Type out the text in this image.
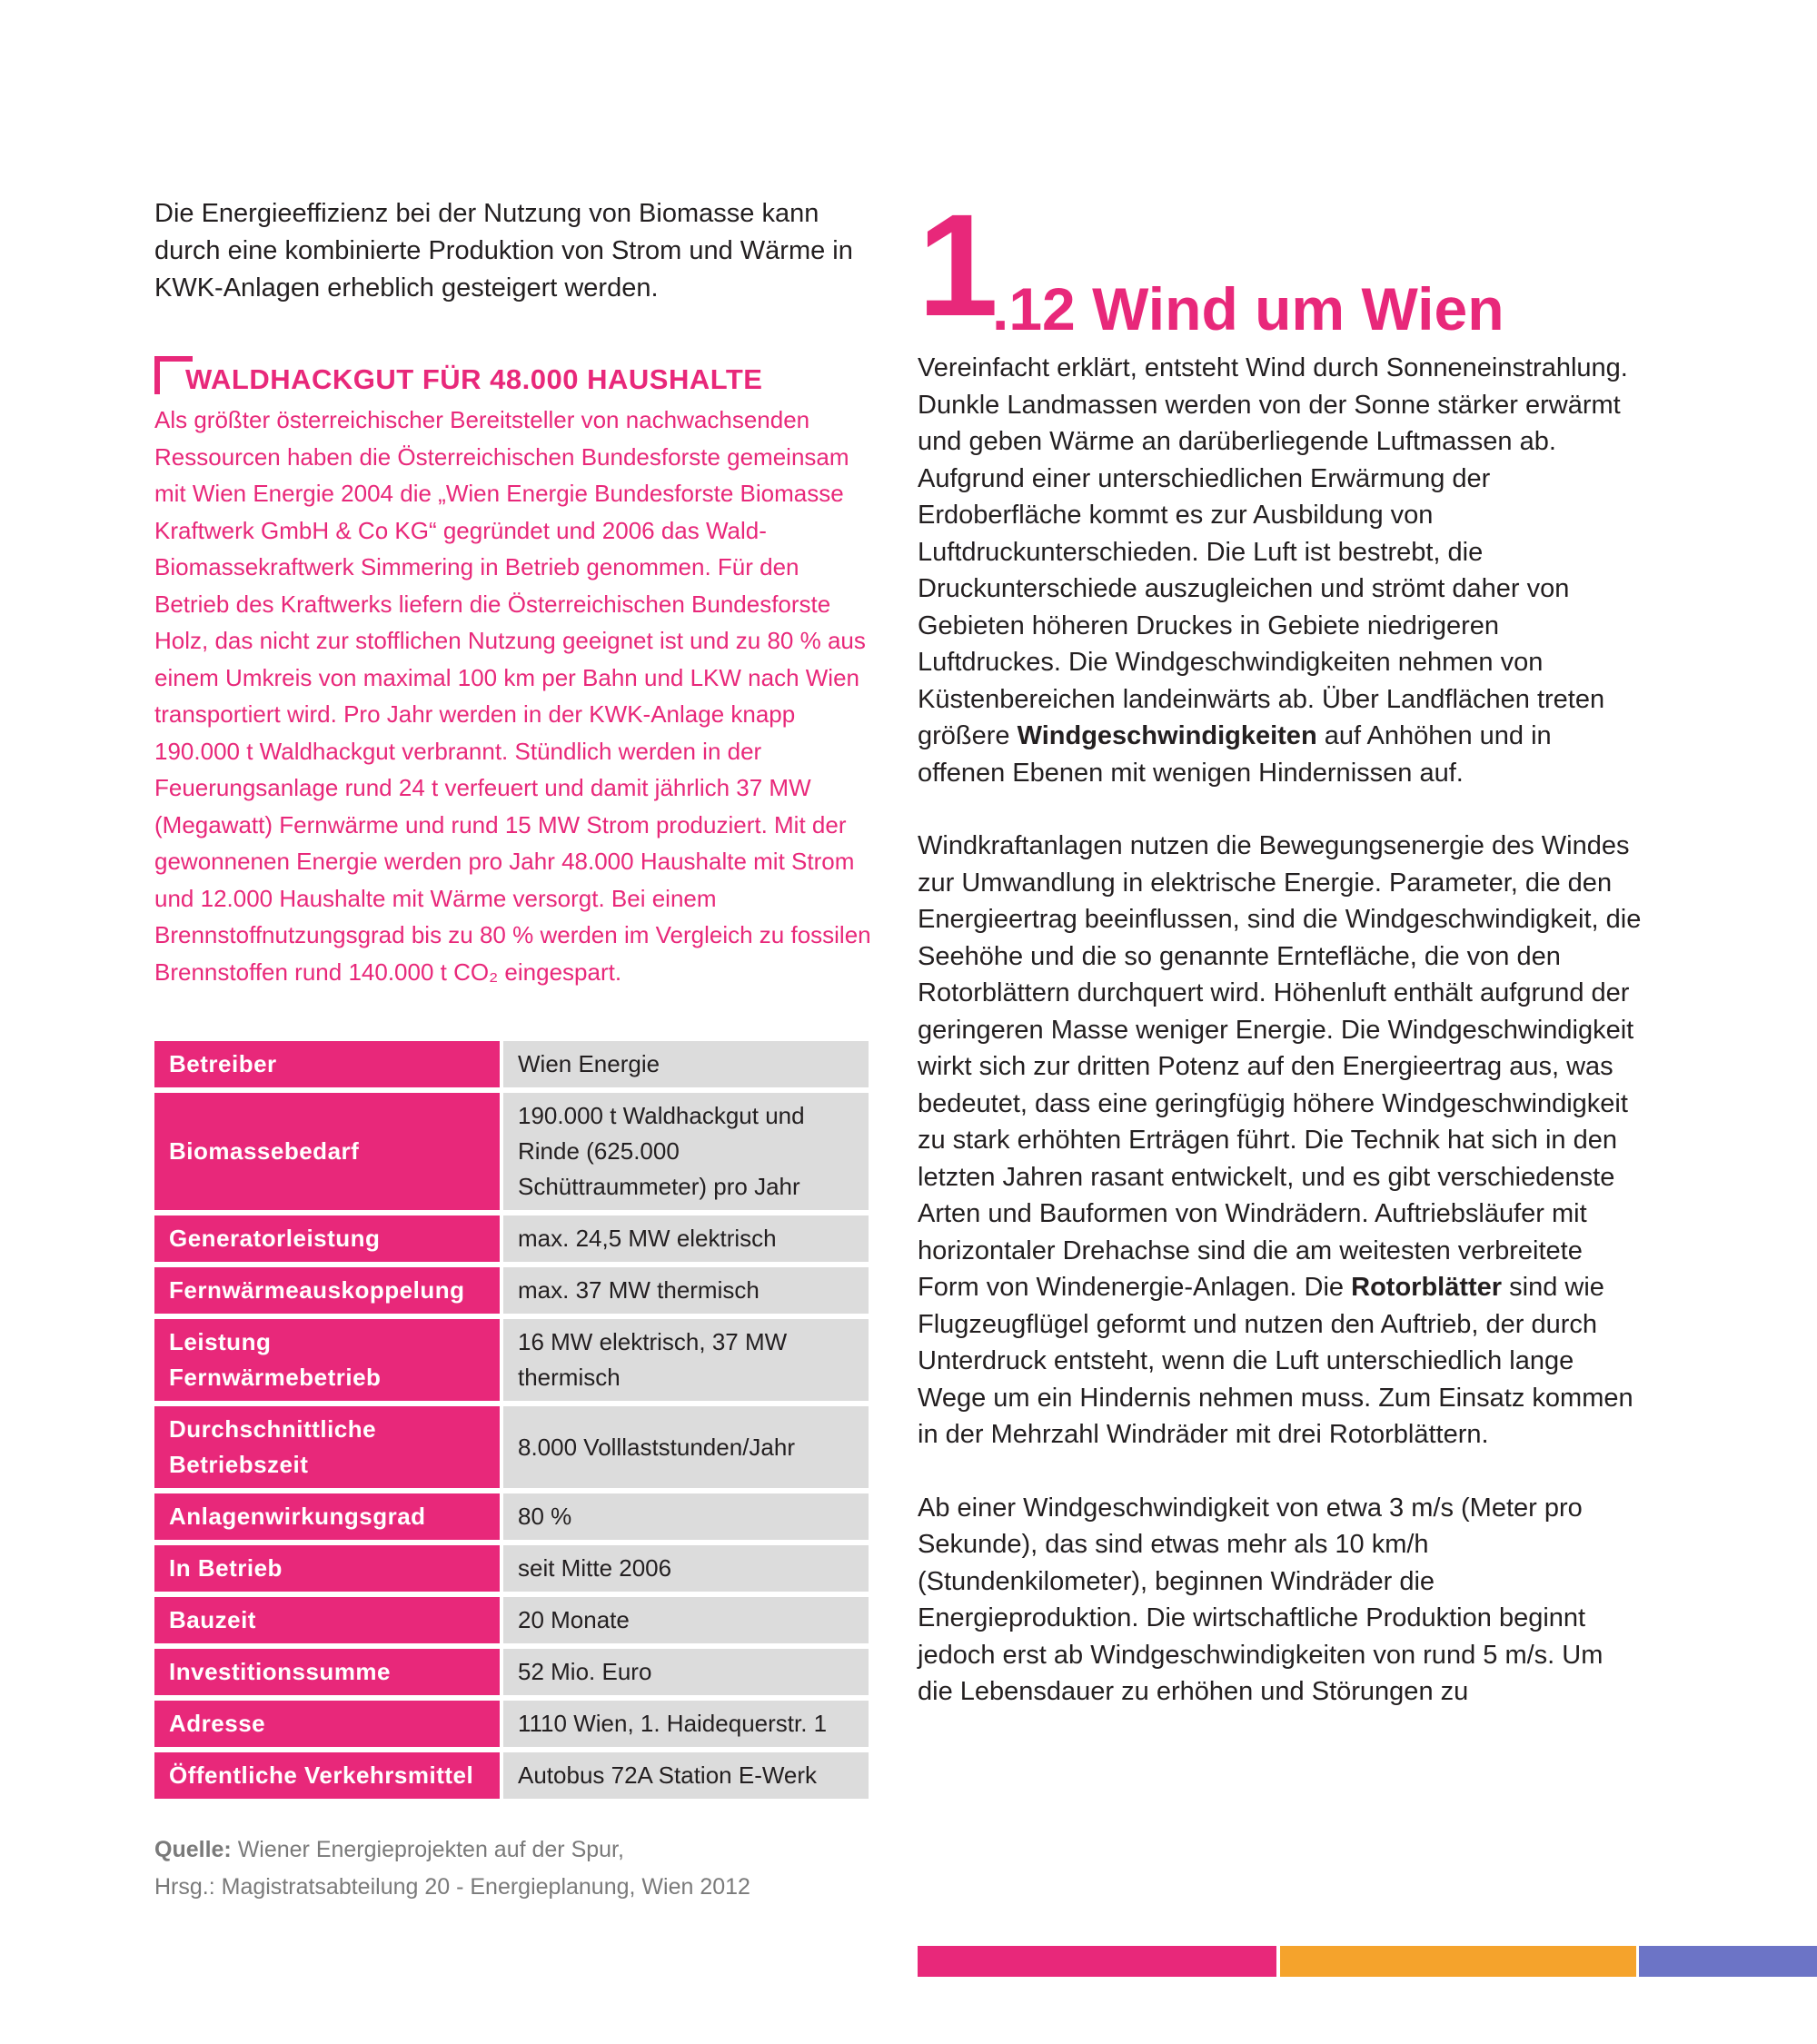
Die Energieeffizienz bei der Nutzung von Biomasse kann durch eine kombinierte Produktion von Strom und Wärme in KWK-Anlagen erheblich gesteigert werden.

WALDHACKGUT FÜR 48.000 HAUSHALTE

Als größter österreichischer Bereitsteller von nachwachsenden Ressourcen haben die Österreichischen Bundesforste gemeinsam mit Wien Energie 2004 die „Wien Energie Bundesforste Biomasse Kraftwerk GmbH & Co KG“ gegründet und 2006 das Wald-Biomassekraftwerk Simmering in Betrieb genommen. Für den Betrieb des Kraftwerks liefern die Österreichischen Bundesforste Holz, das nicht zur stofflichen Nutzung geeignet ist und zu 80 % aus einem Umkreis von maximal 100 km per Bahn und LKW nach Wien transportiert wird. Pro Jahr werden in der KWK-Anlage knapp 190.000 t Waldhackgut verbrannt. Stündlich werden in der Feuerungsanlage rund 24 t verfeuert und damit jährlich 37 MW (Megawatt) Fernwärme und rund 15 MW Strom produziert. Mit der gewonnenen Energie werden pro Jahr 48.000 Haushalte mit Strom und 12.000 Haushalte mit Wärme versorgt. Bei einem Brennstoffnutzungsgrad bis zu 80 % werden im Vergleich zu fossilen Brennstoffen rund 140.000 t CO₂ eingespart.

Betreiber	Wien Energie
Biomassebedarf	190.000 t Waldhackgut und Rinde (625.000 Schüttraummeter) pro Jahr
Generatorleistung	max. 24,5 MW elektrisch
Fernwärmeauskoppelung	max. 37 MW thermisch
Leistung Fernwärmebetrieb	16 MW elektrisch, 37 MW thermisch
Durchschnittliche Betriebszeit	8.000 Volllaststunden/Jahr
Anlagenwirkungsgrad	80 %
In Betrieb	seit Mitte 2006
Bauzeit	20 Monate
Investitionssumme	52 Mio. Euro
Adresse	1110 Wien, 1. Haidequerstr. 1
Öffentliche Verkehrsmittel	Autobus 72A Station E-Werk
Quelle: Wiener Energieprojekten auf der Spur,
Hrsg.: Magistratsabteilung 20 - Energieplanung, Wien 2012
1
.12 Wind um Wien

Vereinfacht erklärt, entsteht Wind durch Sonneneinstrahlung. Dunkle Landmassen werden von der Sonne stärker erwärmt und geben Wärme an darüberliegende Luftmassen ab. Aufgrund einer unterschiedlichen Erwärmung der Erdoberfläche kommt es zur Ausbildung von Luftdruckunterschieden. Die Luft ist bestrebt, die Druckunterschiede auszugleichen und strömt daher von Gebieten höheren Druckes in Gebiete niedrigeren Luftdruckes. Die Windgeschwindigkeiten nehmen von Küstenbereichen landeinwärts ab. Über Landflächen treten größere Windgeschwindigkeiten auf Anhöhen und in offenen Ebenen mit wenigen Hindernissen auf.

Windkraftanlagen nutzen die Bewegungsenergie des Windes zur Umwandlung in elektrische Energie. Parameter, die den Energieertrag beeinflussen, sind die Windgeschwindigkeit, die Seehöhe und die so genannte Erntefläche, die von den Rotorblättern durchquert wird. Höhenluft enthält aufgrund der geringeren Masse weniger Energie. Die Windgeschwindigkeit wirkt sich zur dritten Potenz auf den Energieertrag aus, was bedeutet, dass eine geringfügig höhere Windgeschwindigkeit zu stark erhöhten Erträgen führt. Die Technik hat sich in den letzten Jahren rasant entwickelt, und es gibt verschiedenste Arten und Bauformen von Windrädern. Auftriebsläufer mit horizontaler Drehachse sind die am weitesten verbreitete Form von Windenergie-Anlagen. Die Rotorblätter sind wie Flugzeugflügel geformt und nutzen den Auftrieb, der durch Unterdruck entsteht, wenn die Luft unterschiedlich lange Wege um ein Hindernis nehmen muss. Zum Einsatz kommen in der Mehrzahl Windräder mit drei Rotorblättern.

Ab einer Windgeschwindigkeit von etwa 3 m/s (Meter pro Sekunde), das sind etwas mehr als 10 km/h (Stundenkilometer), beginnen Windräder die Energieproduktion. Die wirtschaftliche Produktion beginnt jedoch erst ab Windgeschwindigkeiten von rund 5 m/s. Um die Lebensdauer zu erhöhen und Störungen zu
